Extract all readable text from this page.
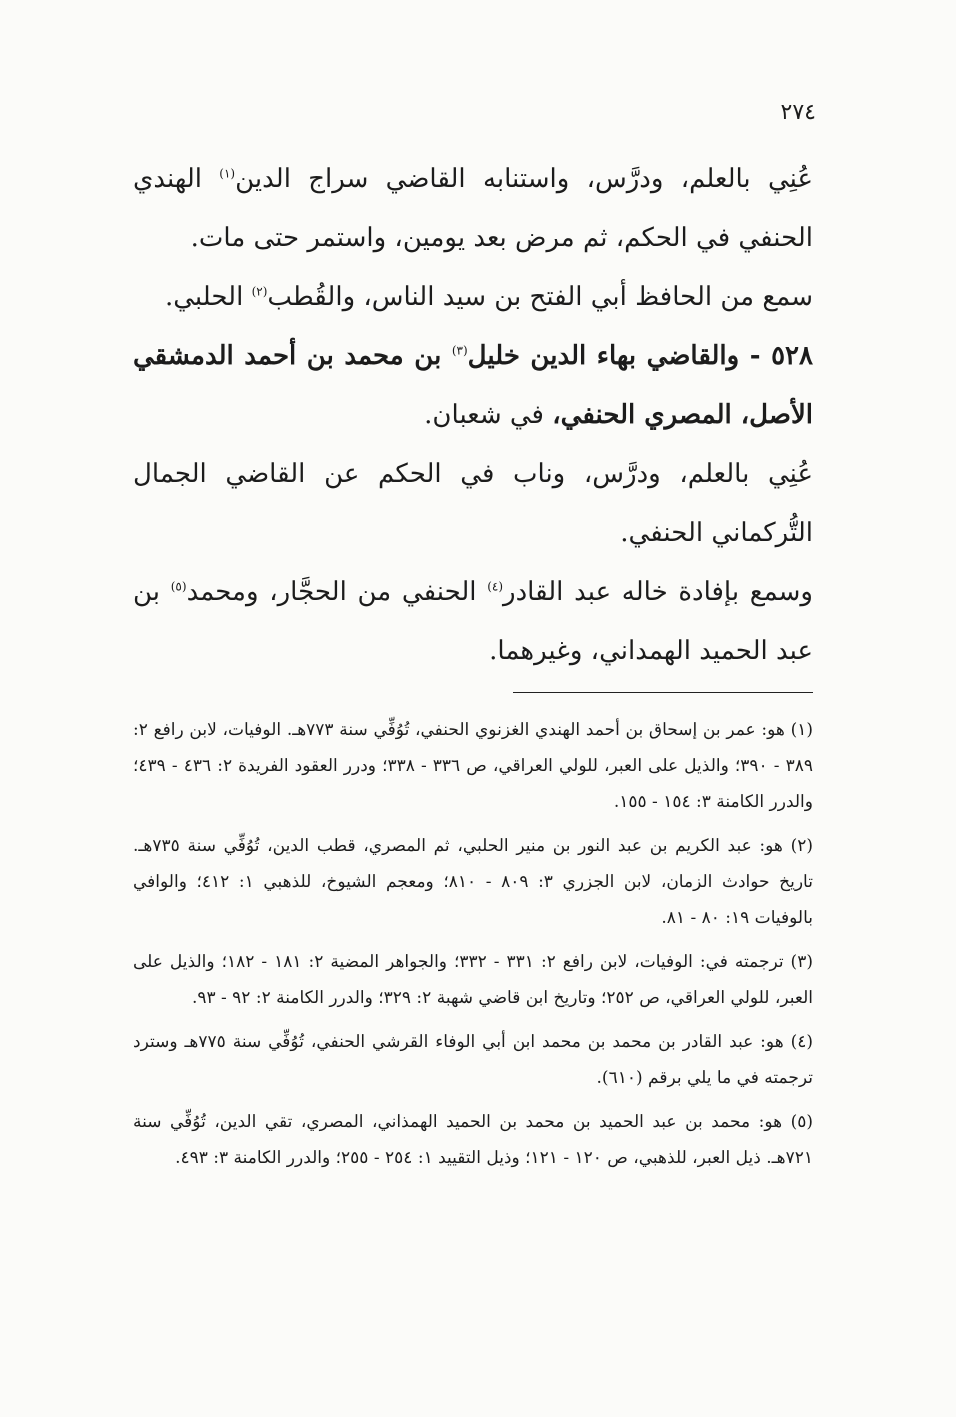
٢٧٤

عُنِي بالعلم، ودرَّس، واستنابه القاضي سراج الدين$^{(١)}$ الهندي الحنفي في الحكم، ثم مرض بعد يومين، واستمر حتى مات.

سمع من الحافظ أبي الفتح بن سيد الناس، والقُطب$^{(٢)}$ الحلبي.

٥٢٨ - والقاضي بهاء الدين خليل$^{(٣)}$ بن محمد بن أحمد الدمشقي الأصل، المصري الحنفي، في شعبان.

عُنِي بالعلم، ودرَّس، وناب في الحكم عن القاضي الجمال التُّركماني الحنفي.

وسمع بإفادة خاله عبد القادر$^{(٤)}$ الحنفي من الحجَّار، ومحمد$^{(٥)}$ بن عبد الحميد الهمداني، وغيرهما.

(١) هو: عمر بن إسحاق بن أحمد الهندي الغزنوي الحنفي، تُوُفِّي سنة ٧٧٣هـ. الوفيات، لابن رافع ٢: ٣٨٩ - ٣٩٠؛ والذيل على العبر، للولي العراقي، ص ٣٣٦ - ٣٣٨؛ ودرر العقود الفريدة ٢: ٤٣٦ - ٤٣٩؛ والدرر الكامنة ٣: ١٥٤ - ١٥٥.

(٢) هو: عبد الكريم بن عبد النور بن منير الحلبي، ثم المصري، قطب الدين، تُوُفِّي سنة ٧٣٥هـ. تاريخ حوادث الزمان، لابن الجزري ٣: ٨٠٩ - ٨١٠؛ ومعجم الشيوخ، للذهبي ١: ٤١٢؛ والوافي بالوفيات ١٩: ٨٠ - ٨١.

(٣) ترجمته في: الوفيات، لابن رافع ٢: ٣٣١ - ٣٣٢؛ والجواهر المضية ٢: ١٨١ - ١٨٢؛ والذيل على العبر، للولي العراقي، ص ٢٥٢؛ وتاريخ ابن قاضي شهبة ٢: ٣٢٩؛ والدرر الكامنة ٢: ٩٢ - ٩٣.

(٤) هو: عبد القادر بن محمد بن محمد ابن أبي الوفاء القرشي الحنفي، تُوُفِّي سنة ٧٧٥هـ وسترد ترجمته في ما يلي برقم (٦١٠).

(٥) هو: محمد بن عبد الحميد بن محمد بن الحميد الهمذاني، المصري، تقي الدين، تُوُفِّي سنة ٧٢١هـ. ذيل العبر، للذهبي، ص ١٢٠ - ١٢١؛ وذيل التقييد ١: ٢٥٤ - ٢٥٥؛ والدرر الكامنة ٣: ٤٩٣.
